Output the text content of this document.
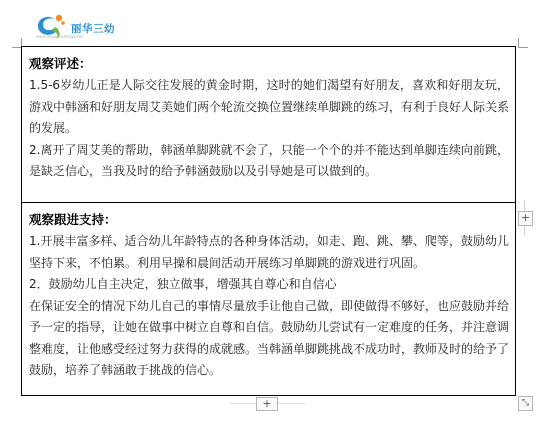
丽华三幼
www.lihua-kindergarten
观察评述：

1.5-6岁幼儿正是人际交往发展的黄金时期，这时的她们渴望有好朋友，喜欢和好朋友玩，游戏中韩涵和好朋友周艾美她们两个轮流交换位置继续单脚跳的练习，有利于良好人际关系的发展。

2.离开了周艾美的帮助，韩涵单脚跳就不会了，只能一个个的并不能达到单脚连续向前跳，是缺乏信心，当我及时的给予韩涵鼓励以及引导她是可以做到的。

观察跟进支持：

1.开展丰富多样、适合幼儿年龄特点的各种身体活动，如走、跑、跳、攀、爬等，鼓励幼儿坚持下来，不怕累。利用早操和晨间活动开展练习单脚跳的游戏进行巩固。

2．鼓励幼儿自主决定，独立做事，增强其自尊心和自信心

在保证安全的情况下幼儿自己的事情尽量放手让他自己做，即使做得不够好，也应鼓励并给予一定的指导，让她在做事中树立自尊和自信。鼓励幼儿尝试有一定难度的任务，并注意调整难度，让他感受经过努力获得的成就感。当韩涵单脚跳挑战不成功时，教师及时的给予了鼓励，培养了韩涵敢于挑战的信心。

+
+	⤡
